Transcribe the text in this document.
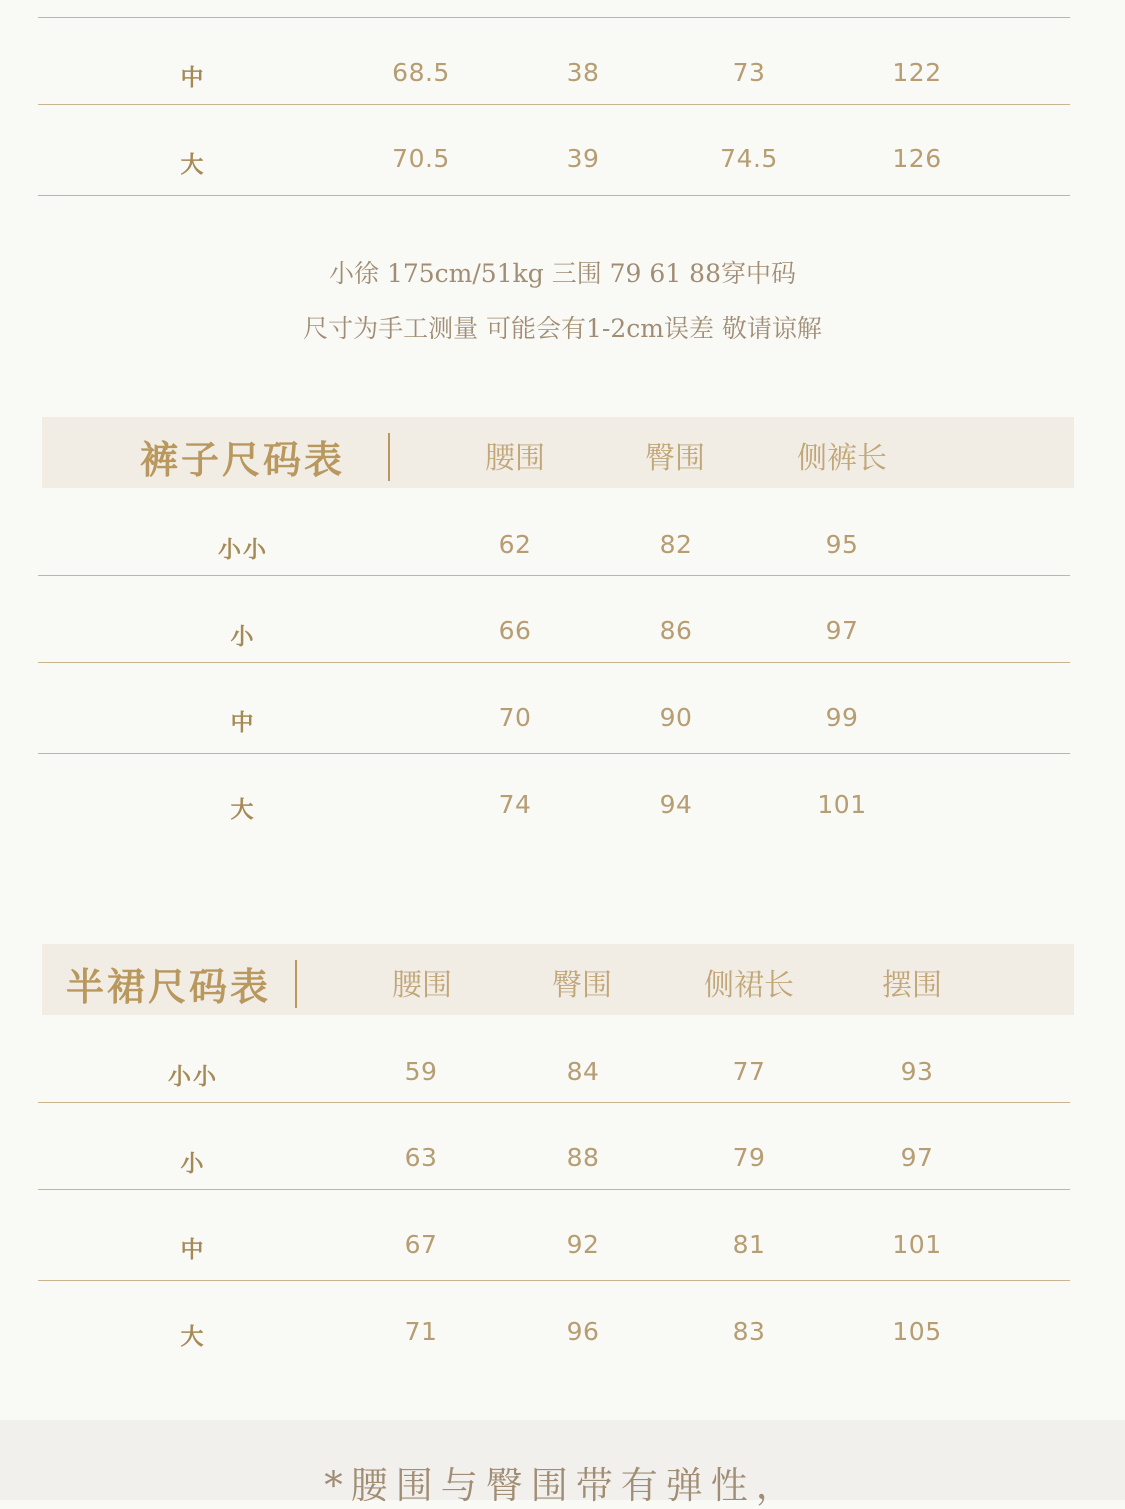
中	68.5	38	73	122
大	70.5	39	74.5	126
小徐 175cm/51kg 三围 79 61 88穿中码
尺寸为手工测量 可能会有1-2cm误差 敬请谅解
裤子尺码表	腰围	臀围	侧裤长
小小	62	82	95
小	66	86	97
中	70	90	99
大	74	94	101
半裙尺码表	腰围	臀围	侧裙长	摆围
小小	59	84	77	93
小	63	88	79	97
中	67	92	81	101
大	71	96	83	105
*腰围与臀围带有弹性，
